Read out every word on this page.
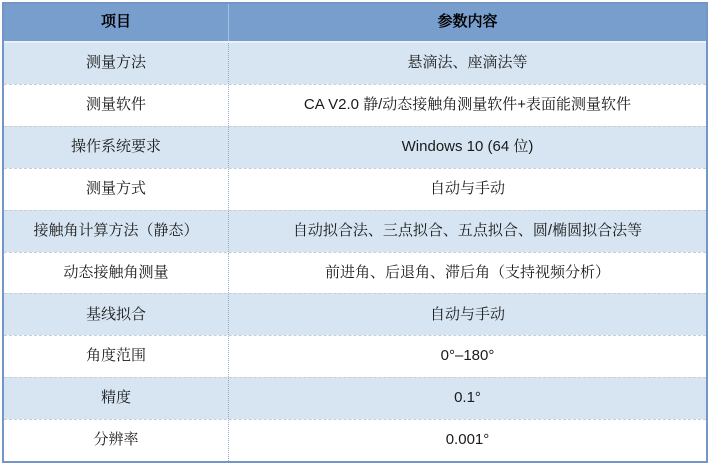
项目	参数内容
测量方法	悬滴法、座滴法等
测量软件	CA V2.0 静/动态接触角测量软件+表面能测量软件
操作系统要求	Windows 10 (64 位)
测量方式	自动与手动
接触角计算方法（静态）	自动拟合法、三点拟合、五点拟合、圆/椭圆拟合法等
动态接触角测量	前进角、后退角、滞后角（支持视频分析）
基线拟合	自动与手动
角度范围	0°–180°
精度	0.1°
分辨率	0.001°
